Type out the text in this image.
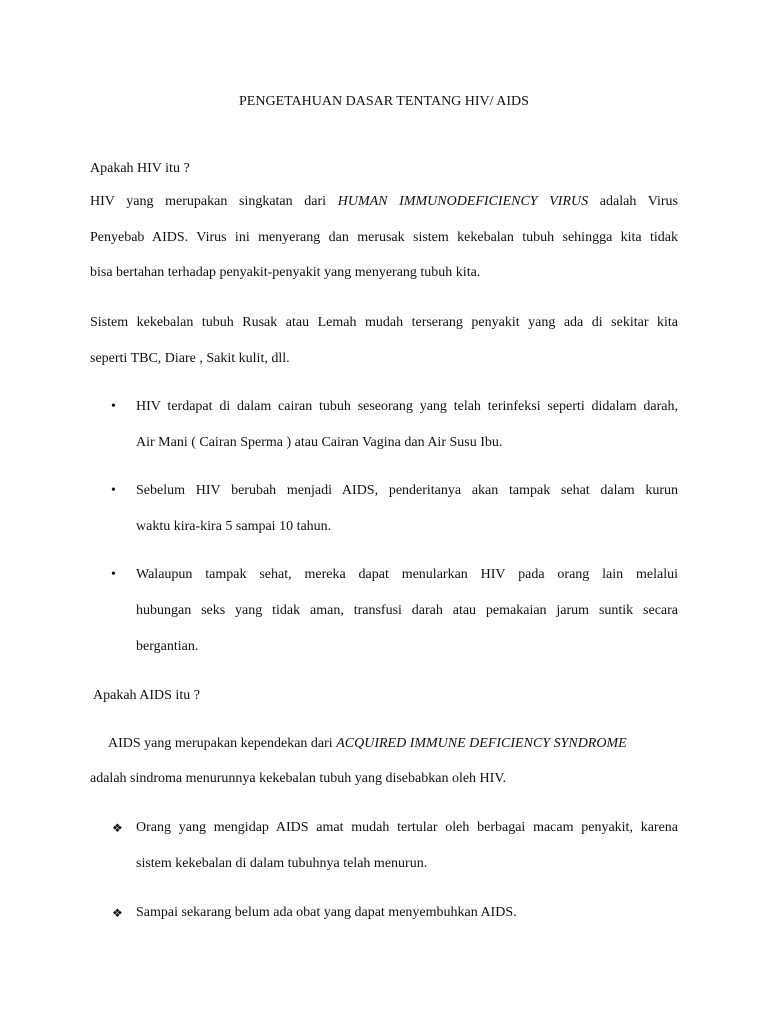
PENGETAHUAN DASAR TENTANG HIV/ AIDS

Apakah HIV itu ?

HIV yang merupakan singkatan dari HUMAN IMMUNODEFICIENCY VIRUS adalah Virus

Penyebab AIDS. Virus ini menyerang dan merusak sistem kekebalan tubuh sehingga kita tidak

bisa bertahan terhadap penyakit-penyakit yang menyerang tubuh kita.

Sistem kekebalan tubuh Rusak atau Lemah mudah terserang penyakit yang ada di sekitar kita

seperti TBC, Diare , Sakit kulit, dll.

• HIV terdapat di dalam cairan tubuh seseorang yang telah terinfeksi seperti didalam darah,

Air Mani ( Cairan Sperma ) atau Cairan Vagina dan Air Susu Ibu.

• Sebelum HIV berubah menjadi AIDS, penderitanya akan tampak sehat dalam kurun

waktu kira-kira 5 sampai 10 tahun.

• Walaupun tampak sehat, mereka dapat menularkan HIV pada orang lain melalui

hubungan seks yang tidak aman, transfusi darah atau pemakaian jarum suntik secara

bergantian.

Apakah AIDS itu ?

AIDS yang merupakan kependekan dari ACQUIRED IMMUNE DEFICIENCY SYNDROME

adalah sindroma menurunnya kekebalan tubuh yang disebabkan oleh HIV.

❖ Orang yang mengidap AIDS amat mudah tertular oleh berbagai macam penyakit, karena

sistem kekebalan di dalam tubuhnya telah menurun.

❖ Sampai sekarang belum ada obat yang dapat menyembuhkan AIDS.
